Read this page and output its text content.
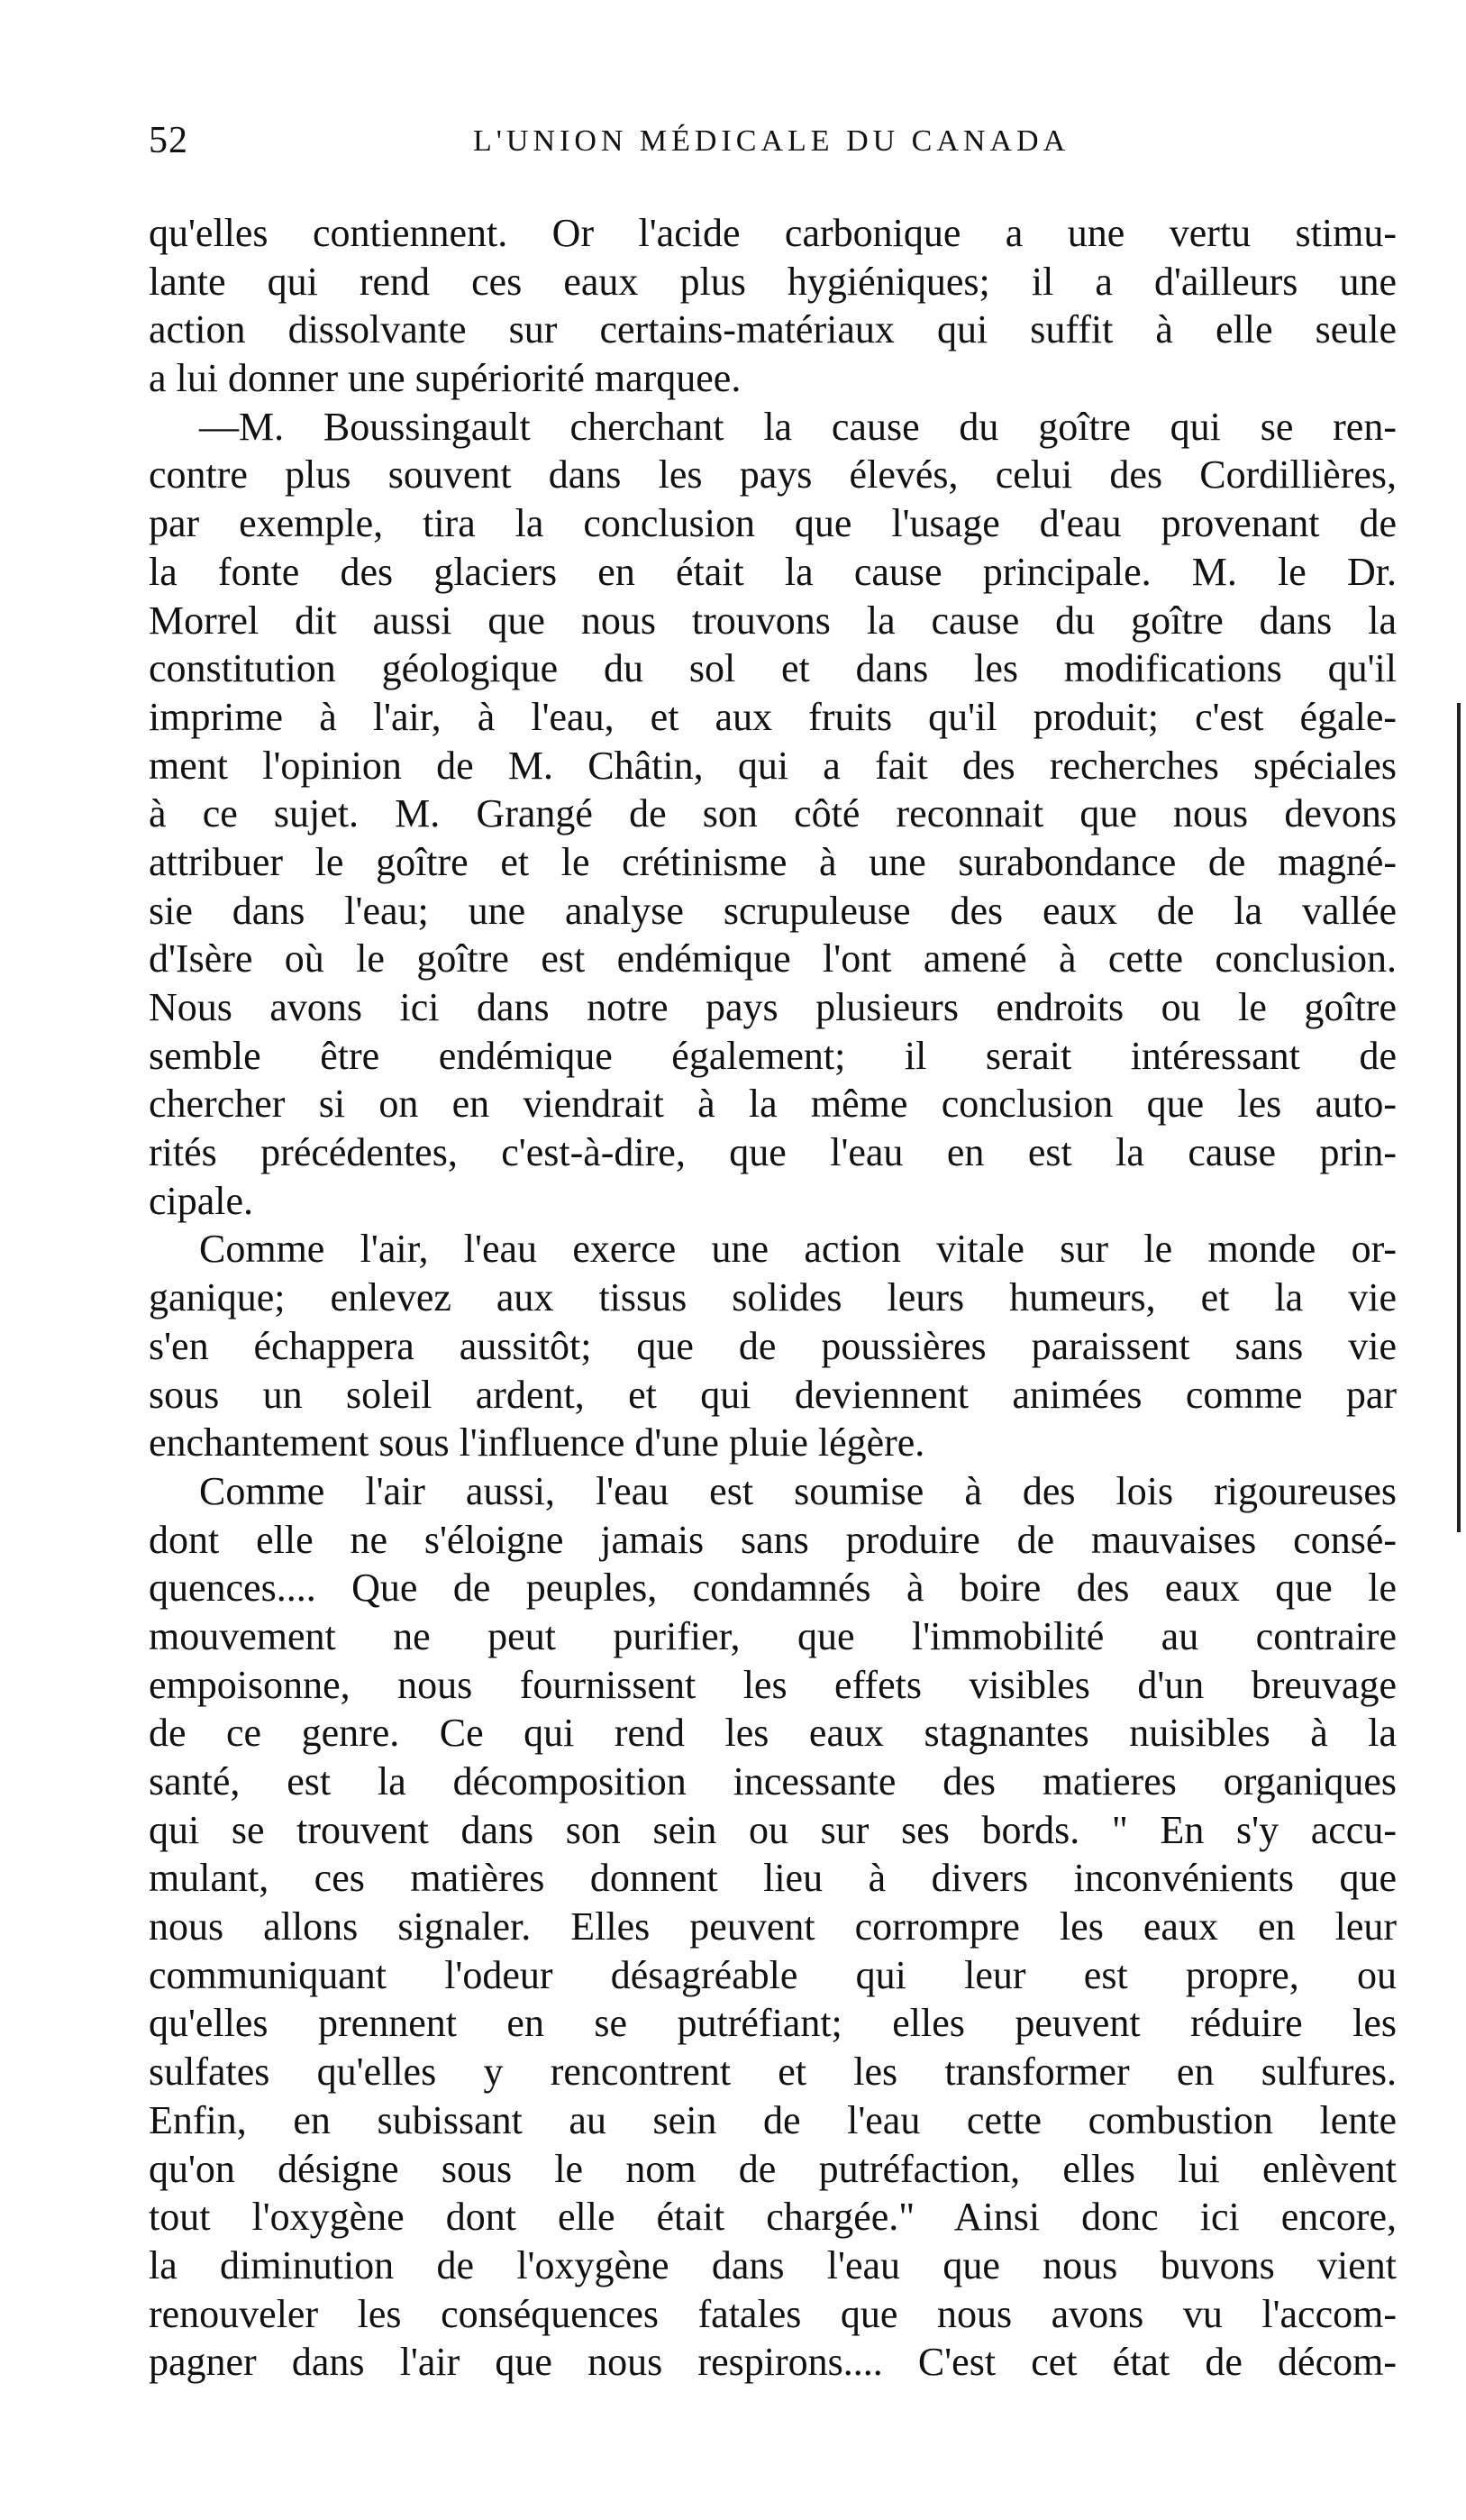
52	L'UNION MÉDICALE DU CANADA
qu'elles contiennent. Or l'acide carbonique a une vertu stimu-
lante qui rend ces eaux plus hygiéniques; il a d'ailleurs une
action dissolvante sur certains-matériaux qui suffit à elle seule
a lui donner une supériorité marquee.
—M. Boussingault cherchant la cause du goître qui se ren-
contre plus souvent dans les pays élevés, celui des Cordillières,
par exemple, tira la conclusion que l'usage d'eau provenant de
la fonte des glaciers en était la cause principale. M. le Dr.
Morrel dit aussi que nous trouvons la cause du goître dans la
constitution géologique du sol et dans les modifications qu'il
imprime à l'air, à l'eau, et aux fruits qu'il produit; c'est égale-
ment l'opinion de M. Châtin, qui a fait des recherches spéciales
à ce sujet. M. Grangé de son côté reconnait que nous devons
attribuer le goître et le crétinisme à une surabondance de magné-
sie dans l'eau; une analyse scrupuleuse des eaux de la vallée
d'Isère où le goître est endémique l'ont amené à cette conclusion.
Nous avons ici dans notre pays plusieurs endroits ou le goître
semble être endémique également; il serait intéressant de
chercher si on en viendrait à la même conclusion que les auto-
rités précédentes, c'est-à-dire, que l'eau en est la cause prin-
cipale.
Comme l'air, l'eau exerce une action vitale sur le monde or-
ganique; enlevez aux tissus solides leurs humeurs, et la vie
s'en échappera aussitôt; que de poussières paraissent sans vie
sous un soleil ardent, et qui deviennent animées comme par
enchantement sous l'influence d'une pluie légère.
Comme l'air aussi, l'eau est soumise à des lois rigoureuses
dont elle ne s'éloigne jamais sans produire de mauvaises consé-
quences.... Que de peuples, condamnés à boire des eaux que le
mouvement ne peut purifier, que l'immobilité au contraire
empoisonne, nous fournissent les effets visibles d'un breuvage
de ce genre. Ce qui rend les eaux stagnantes nuisibles à la
santé, est la décomposition incessante des matieres organiques
qui se trouvent dans son sein ou sur ses bords. " En s'y accu-
mulant, ces matières donnent lieu à divers inconvénients que
nous allons signaler. Elles peuvent corrompre les eaux en leur
communiquant l'odeur désagréable qui leur est propre, ou
qu'elles prennent en se putréfiant; elles peuvent réduire les
sulfates qu'elles y rencontrent et les transformer en sulfures.
Enfin, en subissant au sein de l'eau cette combustion lente
qu'on désigne sous le nom de putréfaction, elles lui enlèvent
tout l'oxygène dont elle était chargée." Ainsi donc ici encore,
la diminution de l'oxygène dans l'eau que nous buvons vient
renouveler les conséquences fatales que nous avons vu l'accom-
pagner dans l'air que nous respirons.... C'est cet état de décom-
